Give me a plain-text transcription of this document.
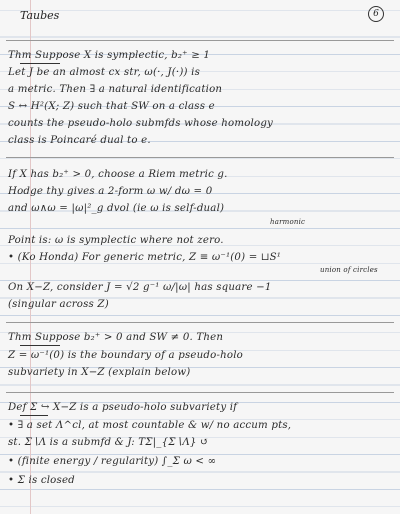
Taubes	6
Thm Suppose X is symplectic, b₂⁺ ≥ 1
Let J be an almost cx str, ω(·, J(·)) is
a metric. Then ∃ a natural identification
S ↔ H²(X; Z) such that SW on a class e
counts the pseudo-holo submfds whose homology
class is Poincaré dual to e.
If X has b₂⁺ > 0, choose a Riem metric g.
Hodge thy gives a 2-form ω w/ dω = 0
and ω∧ω = |ω|²_g dvol (ie ω is self-dual)
harmonic
Point is: ω is symplectic where not zero.
• (Ko Honda) For generic metric, Z ≡ ω⁻¹(0) = ⊔S¹
union of circles
On X−Z, consider J = √2 g⁻¹ ω/|ω| has square −1
(singular across Z)
Thm Suppose b₂⁺ > 0 and SW ≠ 0. Then
Z = ω⁻¹(0) is the boundary of a pseudo-holo
subvariety in X−Z (explain below)
Def Σ ↪ X−Z is a pseudo-holo subvariety if
• ∃ a set Λ^cl, at most countable & w/ no accum pts,
st. Σ∖Λ is a submfd & J: TΣ|_{Σ∖Λ} ↺
• (finite energy / regularity) ∫_Σ ω < ∞
• Σ is closed
